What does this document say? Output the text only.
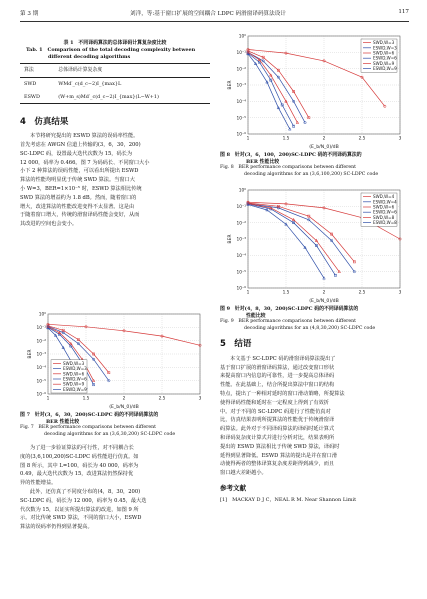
第 3 期	刘洋，等:基于窗口扩展的空间耦合 LDPC 码滑窗译码算法设计	117
表 1　不同译码算法的总体译码计算复杂度比较
Tab. 1　Comparison of the total decoding complexity between
different decoding algorithms
算法	总体译码计算复杂度
SWD	WMd′_c(d_c−2)I_{max}L
ESWD	(W+m_s)Md′_c(d_c−2)I_{max}(L−W+1)
4　仿真结果
本节将研究提出的 ESWD 算法的误码率性能。
首先考虑在 AWGN 信道上传输的(3，6，30，200)
SC-LDPC 码，设置最大迭代次数为 15，码长为
12 000，码率为 0.466。图 7 为码码长、不同窗口大小
小下 2 种算法的误码性能，可以看出所提出 ESWD
算法的性能均明显优于传统 SWD 算法。当窗口大
小 W=3，BER=1×10⁻⁵ 时，ESWD 算法相比传统
SWD 算法的增益约为 1.8 dB。然而，随着窗口的
增大，改进算法的性能改进变得不太显著。这是由
于随着窗口增大，传统的滑窗译码性能会变好，从而
其改进的空间也会变小。
10⁰
10⁻¹
10⁻²
10⁻³
10⁻⁴
10⁻⁵
10⁻⁶
1	1.5	2	2.5	3
(E_b/N_0)/dB
BER
SWD,W=3
ESWD,W=3
SWD,W=6
ESWD,W=6
SWD,W=9
ESWD,W=9
图 7　针对(3，6，30，200)SC-LDPC 码的不同译码算法的
BER 性能比较
Fig. 7　BER performance comparisons between different
decoding algorithms for an (3,6,30,200) SC-LDPC code
为了进一步验证算法的可行性，对不同耦合长
度的(3,6,100,200)SC-LDPC 码性能进行仿真。如
图 8 所示，其中 L=100，码长为 40 000，码率为
0.49，最大迭代次数为 15，改进算法仍然保持优
异的性能增益。
此外，还仿真了不同度分布的(4，8，30，200)
SC-LDPC 码，码长为 12 000，码率为 0.45，最大迭
代次数为 15，以证实所提出算法的改进，如图 9 所
示。对比传统 SWD 算法，不同的窗口大小，ESWD
算法的误码率仍得到显著提高。
10⁰
10⁻¹
10⁻²
10⁻³
10⁻⁴
10⁻⁵
10⁻⁶
1	1.5	2	2.5	3
(E_b/N_0)/dB
BER
SWD,W=3
ESWD,W=3
SWD,W=6
ESWD,W=6
SWD,W=9
ESWD,W=9
图 8　针对(3，6，100，200)SC-LDPC 码的不同译码算法的
BER 性能比较
Fig. 8　BER performance comparisons between different
decoding algorithms for an (3,6,100,200) SC-LDPC code
10⁰
10⁻¹
10⁻²
10⁻³
10⁻⁴
10⁻⁵
10⁻⁶
1	1.5	2	2.5	3
(E_b/N_0)/dB
BER
SWD,W=4
ESWD,W=4
SWD,W=6
ESWD,W=6
SWD,W=8
ESWD,W=8
图 9　针对(4，8，30，200)SC-LDPC 码的不同译码算法的
性能比较
Fig. 9　BER performance comparisons between different
decoding algorithms for an (4,8,30,200) SC-LDPC code
5　结语
本文基于 SC-LDPC 码的滑窗译码算法提出了
基于窗口扩展的滑窗译码算法，通过改变窗口形状
来提高窗口内信息的可靠性，进一步提高总体译码
性能。在此基础上，结合所提出算法中窗口的结构
特点，提出了一种相对延时的窗口滑动策略，所提算法
使得译码性能和延时在一定程度上得到了有效折
中。对于不同的 SC-LDPC 码进行了性能仿真对
比，仿真结果表明所提算法的性能优于传统滑窗译
码算法。此外对于不同译码算法的译码时延计算式
和译码复杂度计算式并进行分析对比，结果表明所
提出的 ESWD 算法相比于传统 SWD 算法，译码时
延得到显著降低。ESWD 算法的提出是并在窗口滑
动使得两者的整体译算复杂度差距得到减少，而且
窗口越大差距越小。
参考文献
[1]　MACKAY D J C，NEAL R M. Near Shannon Limit
